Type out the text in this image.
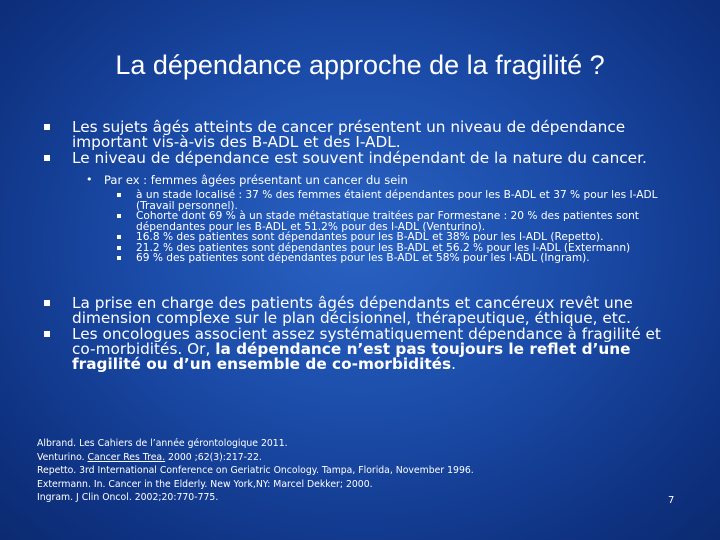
La dépendance approche de la fragilité ?
Les sujets âgés atteints de cancer présentent un niveau de dépendance important vis-à-vis des B-ADL et des I-ADL.
Le niveau de dépendance est souvent indépendant de la nature du cancer.
• Par ex : femmes âgées présentant un cancer du sein
à un stade localisé : 37 % des femmes étaient dépendantes pour les B-ADL et 37 % pour les I-ADL (Travail personnel).
Cohorte dont 69 % à un stade métastatique traitées par Formestane : 20 % des patientes sont dépendantes pour les B-ADL et 51.2% pour des I-ADL (Venturino).
16.8 % des patientes sont dépendantes pour les B-ADL et 38% pour les I-ADL (Repetto).
21.2 % des patientes sont dépendantes pour les B-ADL et 56.2 % pour les I-ADL (Extermann)
69 % des patientes sont dépendantes pour les B-ADL et 58% pour les I-ADL (Ingram).
La prise en charge des patients âgés dépendants et cancéreux revêt une dimension complexe sur le plan décisionnel, thérapeutique, éthique, etc.
Les oncologues associent assez systématiquement dépendance à fragilité et co-morbidités. Or, la dépendance n’est pas toujours le reflet d’une fragilité ou d’un ensemble de co-morbidités.
Albrand. Les Cahiers de l’année gérontologique 2011.
Venturino. Cancer Res Trea. 2000 ;62(3):217-22.
Repetto. 3rd International Conference on Geriatric Oncology. Tampa, Florida, November 1996.
Extermann. In. Cancer in the Elderly. New York,NY: Marcel Dekker; 2000.
Ingram. J Clin Oncol. 2002;20:770-775.	7
